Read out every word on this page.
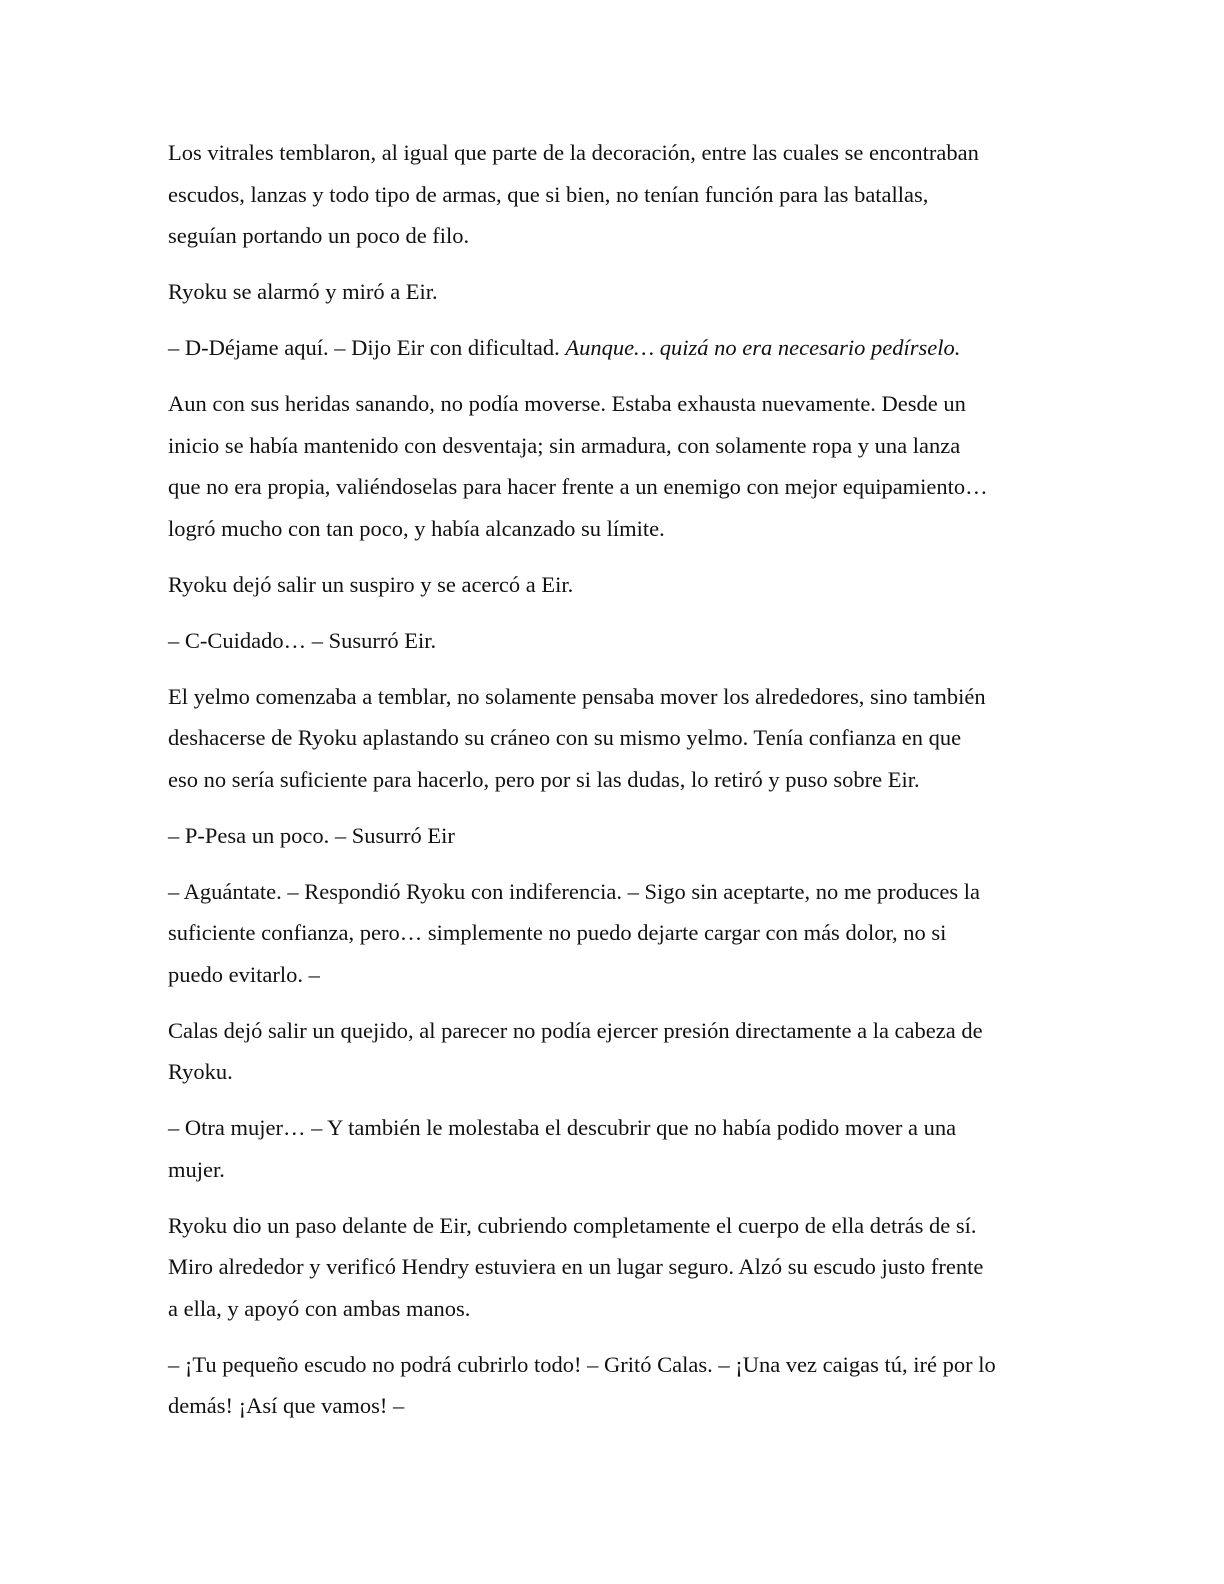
Los vitrales temblaron, al igual que parte de la decoración, entre las cuales se encontraban
escudos, lanzas y todo tipo de armas, que si bien, no tenían función para las batallas,
seguían portando un poco de filo.

Ryoku se alarmó y miró a Eir.

– D-Déjame aquí. – Dijo Eir con dificultad. Aunque… quizá no era necesario pedírselo.

Aun con sus heridas sanando, no podía moverse. Estaba exhausta nuevamente. Desde un
inicio se había mantenido con desventaja; sin armadura, con solamente ropa y una lanza
que no era propia, valiéndoselas para hacer frente a un enemigo con mejor equipamiento…
logró mucho con tan poco, y había alcanzado su límite.

Ryoku dejó salir un suspiro y se acercó a Eir.

– C-Cuidado… – Susurró Eir.

El yelmo comenzaba a temblar, no solamente pensaba mover los alrededores, sino también
deshacerse de Ryoku aplastando su cráneo con su mismo yelmo. Tenía confianza en que
eso no sería suficiente para hacerlo, pero por si las dudas, lo retiró y puso sobre Eir.

– P-Pesa un poco. – Susurró Eir

– Aguántate. – Respondió Ryoku con indiferencia. – Sigo sin aceptarte, no me produces la
suficiente confianza, pero… simplemente no puedo dejarte cargar con más dolor, no si
puedo evitarlo. –

Calas dejó salir un quejido, al parecer no podía ejercer presión directamente a la cabeza de
Ryoku.

– Otra mujer… – Y también le molestaba el descubrir que no había podido mover a una
mujer.

Ryoku dio un paso delante de Eir, cubriendo completamente el cuerpo de ella detrás de sí.
Miro alrededor y verificó Hendry estuviera en un lugar seguro. Alzó su escudo justo frente
a ella, y apoyó con ambas manos.

– ¡Tu pequeño escudo no podrá cubrirlo todo! – Gritó Calas. – ¡Una vez caigas tú, iré por lo
demás! ¡Así que vamos! –
